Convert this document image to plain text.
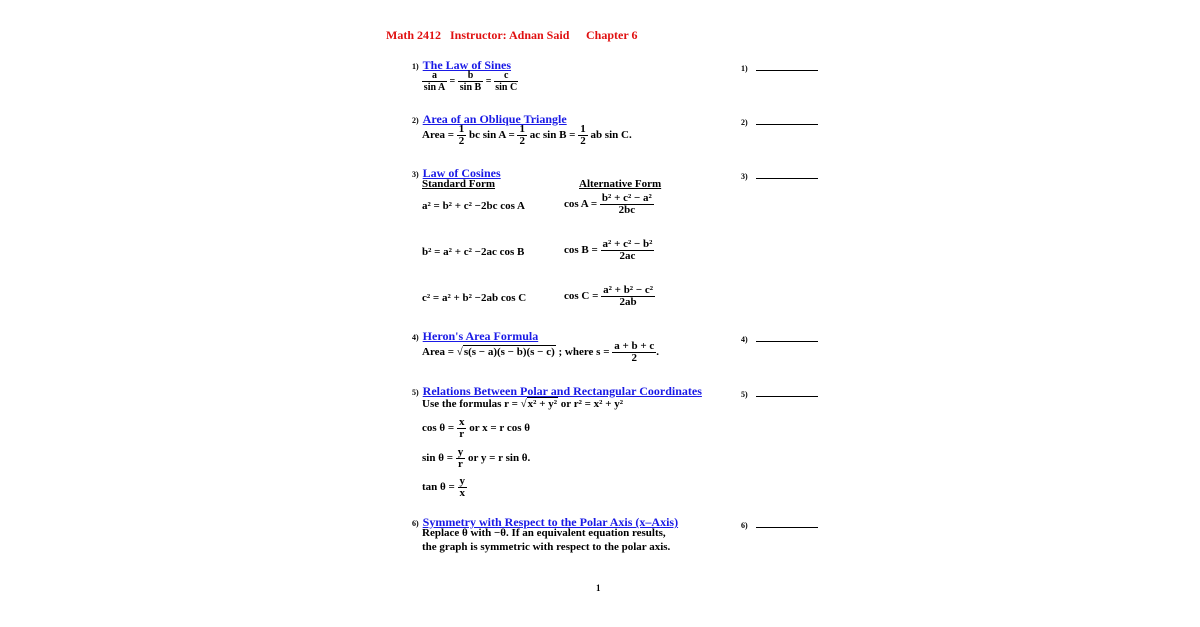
Math 2412 Instructor: Adnan Said Chapter 6
1) The Law of Sines	1)
$\frac{a}{\text{sin A}} = \frac{b}{\text{sin B}} = \frac{c}{\text{sin C}}$
2) Area of an Oblique Triangle	2)
Area = $\frac{1}{2}$ bc $\sin A = \frac{1}{2}$ ac $\sin B = \frac{1}{2}$ ab sin C.
3) Law of Cosines	3)
Standard Form	Alternative Form
a² = b² + c² −2bc cos A	$\cos A = \frac{\text{b² + c² − a²}}{2bc}$
b² = a² + c² −2ac cos B	$\cos B = \frac{\text{a² + c² − b²}}{2ac}$
c² = a² + b² −2ab cos C	$\cos C = \frac{\text{a² + b² − c²}}{2ab}$
4) Heron's Area Formula	4)
Area = √s(s − a)(s − b)(s − c) ; where $s = \frac{a + b + c}{2}$ .
5) Relations Between Polar and Rectangular Coordinates	5)
Use the formulas r = √x² + y² or r² = x² + y²
$\cos \theta = \frac{x}{r}$ or x = r cos θ
$\sin \theta = \frac{y}{r}$ or y = r sin θ.
$\tan \theta = \frac{y}{x}$
6) Symmetry with Respect to the Polar Axis (x–Axis)	6)
Replace θ with −θ. If an equivalent equation results,
the graph is symmetric with respect to the polar axis.
1
